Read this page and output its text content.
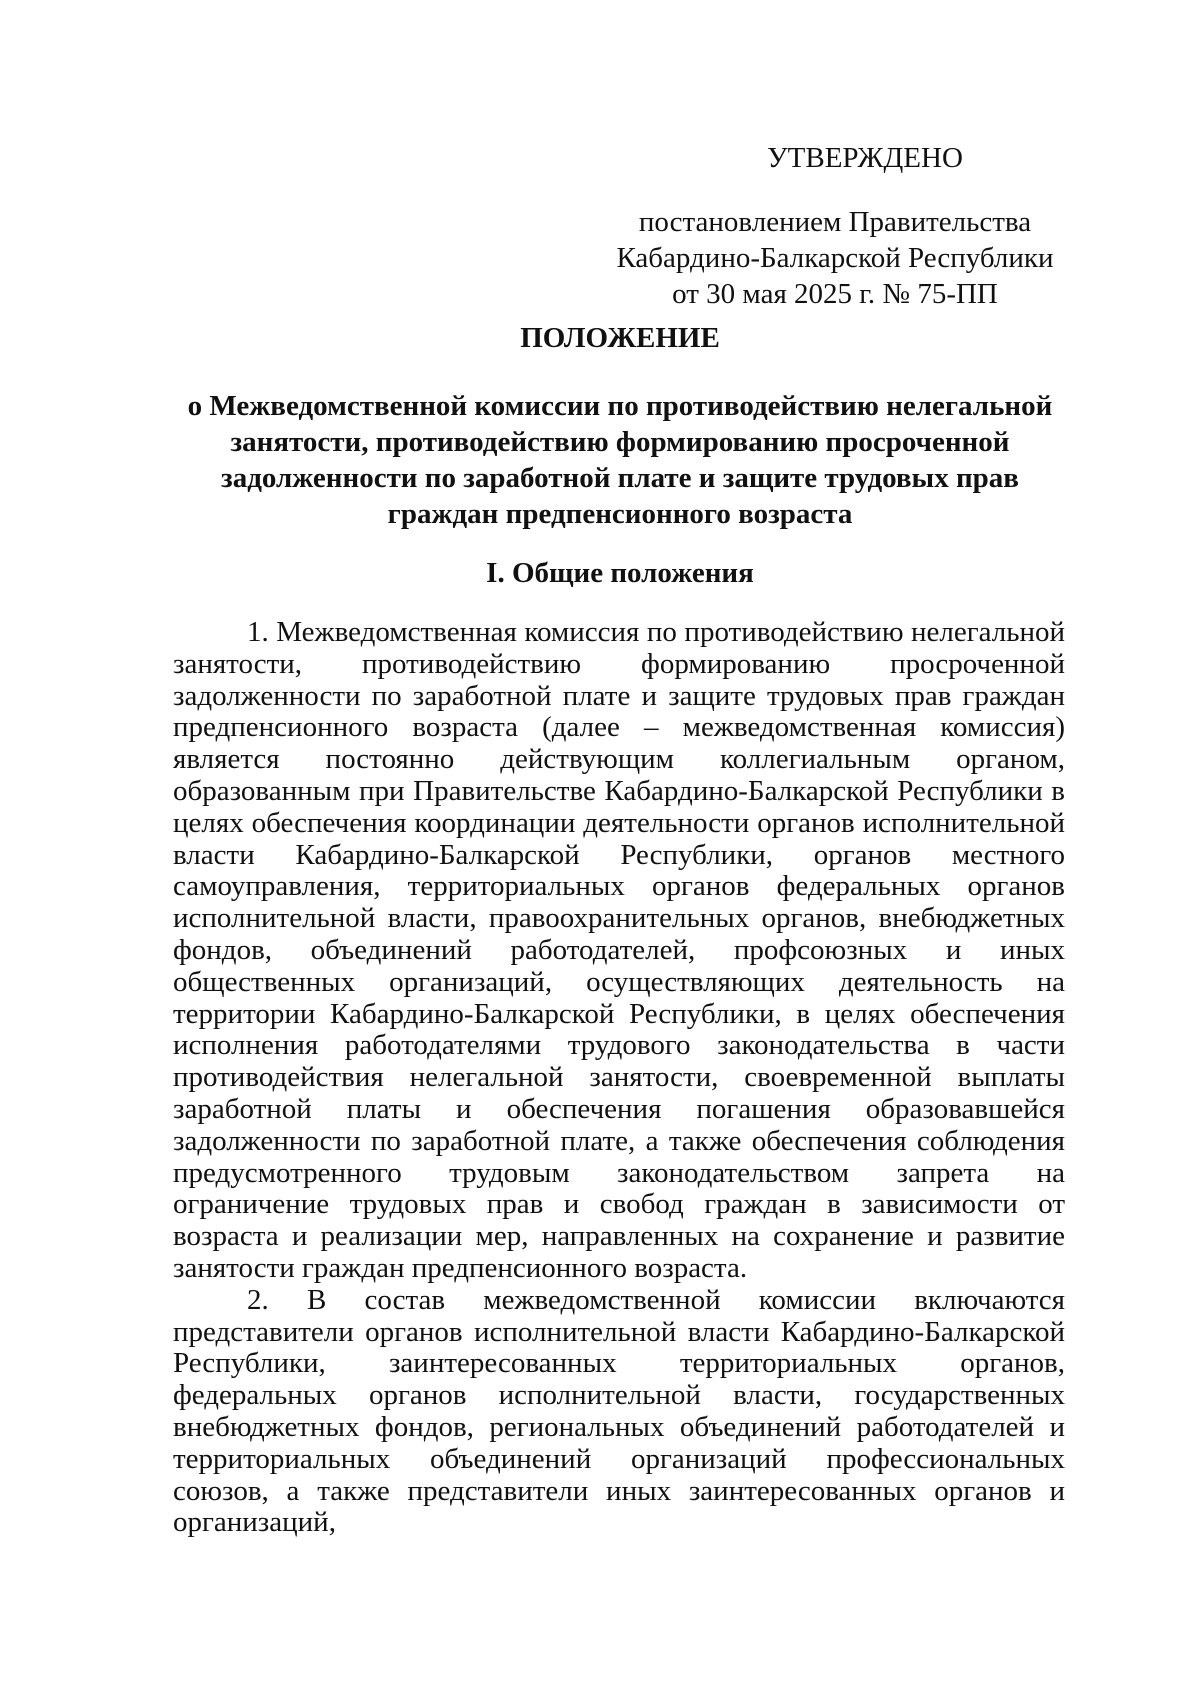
УТВЕРЖДЕНО
постановлением Правительства
Кабардино-Балкарской Республики
от 30 мая 2025 г. № 75-ПП
ПОЛОЖЕНИЕ
о Межведомственной комиссии по противодействию нелегальной
занятости, противодействию формированию просроченной
задолженности по заработной плате и защите трудовых прав
граждан предпенсионного возраста
I. Общие положения

1. Межведомственная комиссия по противодействию нелегальной занятости, противодействию формированию просроченной задолженности по заработной плате и защите трудовых прав граждан предпенсионного возраста (далее – межведомственная комиссия) является постоянно действующим коллегиальным органом, образованным при Правительстве Кабардино-Балкарской Республики в целях обеспечения координации деятельности органов исполнительной власти Кабардино-Балкарской Республики, органов местного самоуправления, территориальных органов федеральных органов исполнительной власти, правоохранительных органов, внебюджетных фондов, объединений работодателей, профсоюзных и иных общественных организаций, осуществляющих деятельность на территории Кабардино-Балкарской Республики, в целях обеспечения исполнения работодателями трудового законодательства в части противодействия нелегальной занятости, своевременной выплаты заработной платы и обеспечения погашения образовавшейся задолженности по заработной плате, а также обеспечения соблюдения предусмотренного трудовым законодательством запрета на ограничение трудовых прав и свобод граждан в зависимости от возраста и реализации мер, направленных на сохранение и развитие занятости граждан предпенсионного возраста.

2. В состав межведомственной комиссии включаются представители органов исполнительной власти Кабардино-Балкарской Республики, заинтересованных территориальных органов, федеральных органов исполнительной власти, государственных внебюджетных фондов, региональных объединений работодателей и территориальных объединений организаций профессиональных союзов, а также представители иных заинтересованных органов и организаций,
